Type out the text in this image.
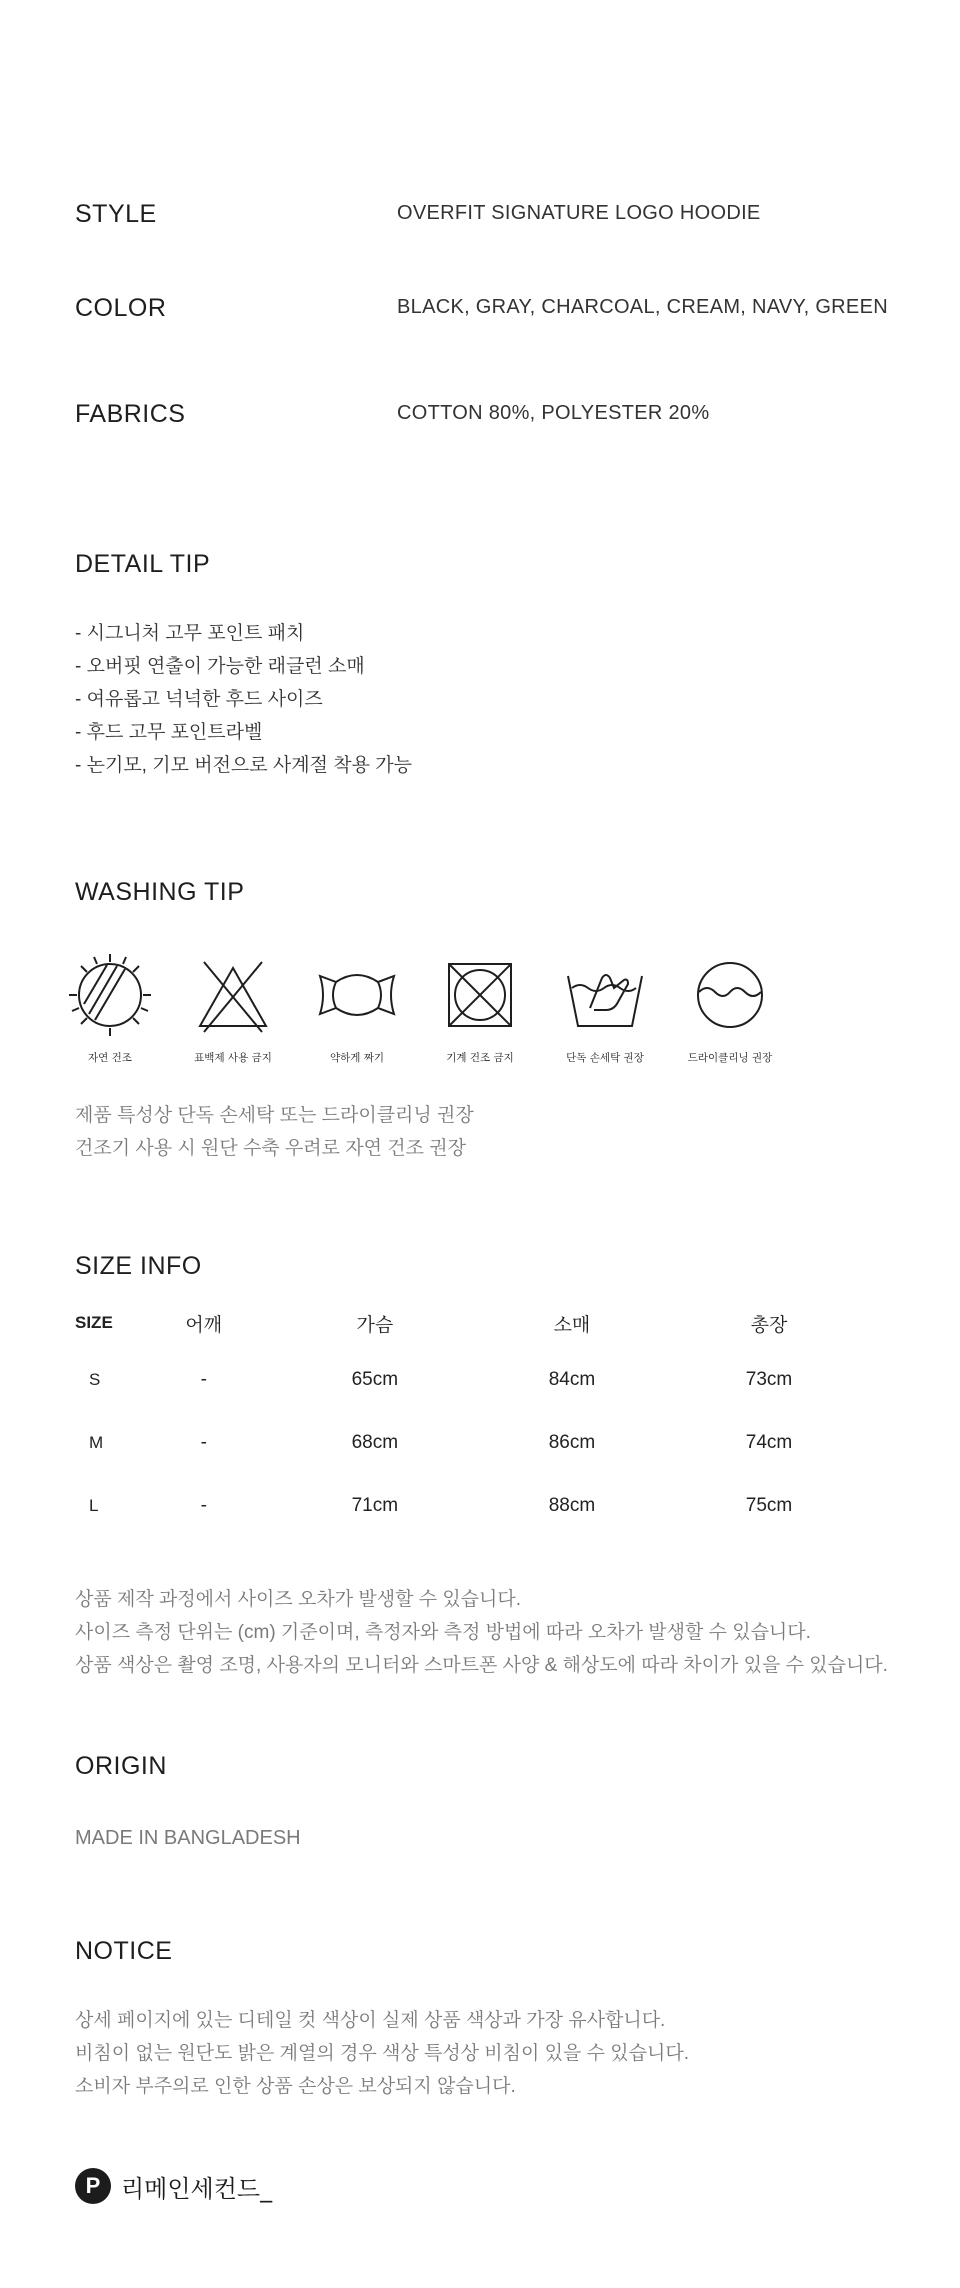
STYLE	OVERFIT SIGNATURE LOGO HOODIE
COLOR	BLACK, GRAY, CHARCOAL, CREAM, NAVY, GREEN
FABRICS	COTTON 80%, POLYESTER 20%
DETAIL TIP

- 시그니처 고무 포인트 패치

- 오버핏 연출이 가능한 래글런 소매

- 여유롭고 넉넉한 후드 사이즈

- 후드 고무 포인트라벨

- 논기모, 기모 버전으로 사계절 착용 가능

WASHING TIP
자연 건조	표백제 사용 금지	약하게 짜기	기계 건조 금지	단독 손세탁 권장	드라이클리닝 권장

제품 특성상 단독 손세탁 또는 드라이클리닝 권장

건조기 사용 시 원단 수축 우려로 자연 건조 권장

SIZE INFO
SIZE	어깨	가슴	소매	총장
S	-	65cm	84cm	73cm
M	-	68cm	86cm	74cm
L	-	71cm	88cm	75cm

상품 제작 과정에서 사이즈 오차가 발생할 수 있습니다.

사이즈 측정 단위는 (cm) 기준이며, 측정자와 측정 방법에 따라 오차가 발생할 수 있습니다.

상품 색상은 촬영 조명, 사용자의 모니터와 스마트폰 사양 & 해상도에 따라 차이가 있을 수 있습니다.

ORIGIN
MADE IN BANGLADESH
NOTICE

상세 페이지에 있는 디테일 컷 색상이 실제 상품 색상과 가장 유사합니다.

비침이 없는 원단도 밝은 계열의 경우 색상 특성상 비침이 있을 수 있습니다.

소비자 부주의로 인한 상품 손상은 보상되지 않습니다.

P 리메인세컨드_
